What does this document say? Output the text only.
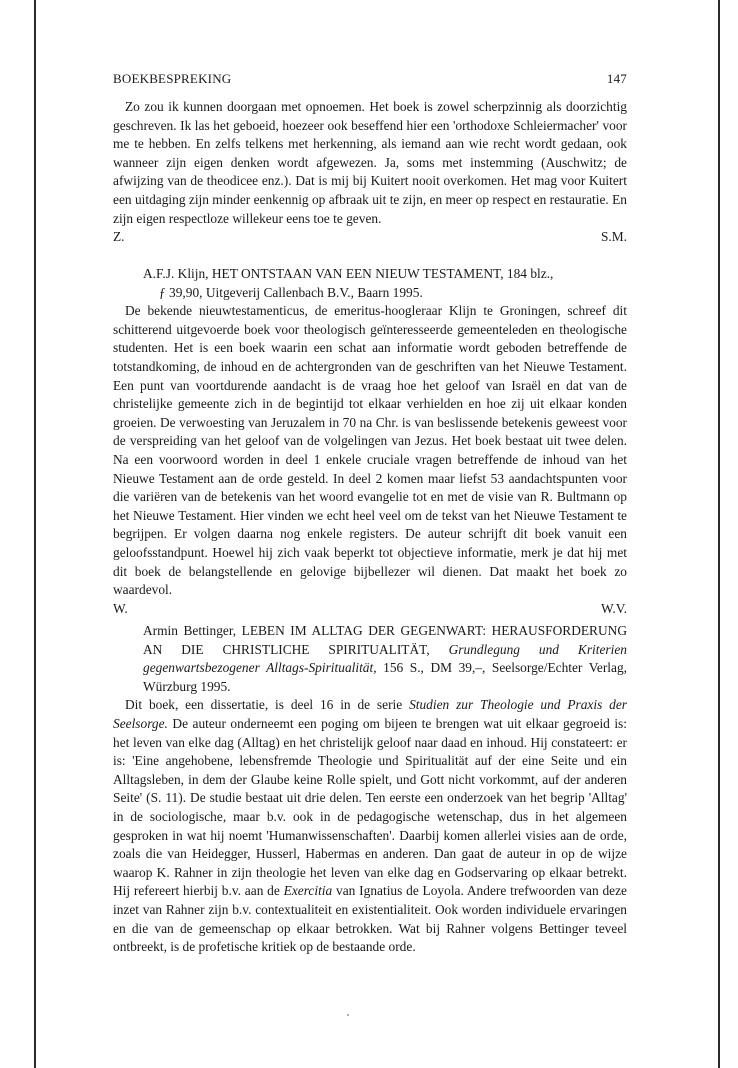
BOEKBESPREKING	147

Zo zou ik kunnen doorgaan met opnoemen. Het boek is zowel scherpzinnig als doorzichtig geschreven. Ik las het geboeid, hoezeer ook beseffend hier een 'orthodoxe Schleiermacher' voor me te hebben. En zelfs telkens met herkenning, als iemand aan wie recht wordt gedaan, ook wanneer zijn eigen denken wordt afgewezen. Ja, soms met instemming (Auschwitz; de afwijzing van de theodicee enz.). Dat is mij bij Kuitert nooit overkomen. Het mag voor Kuitert een uitdaging zijn minder eenkennig op afbraak uit te zijn, en meer op respect en restauratie. En zijn eigen respectloze willekeur eens toe te geven.

Z.	S.M.

A.F.J. Klijn, HET ONTSTAAN VAN EEN NIEUW TESTAMENT, 184 blz.,
ƒ 39,90, Uitgeverij Callenbach B.V., Baarn 1995.

De bekende nieuwtestamenticus, de emeritus-hoogleraar Klijn te Groningen, schreef dit schitterend uitgevoerde boek voor theologisch geïnteresseerde gemeenteleden en theologische studenten. Het is een boek waarin een schat aan informatie wordt geboden betreffende de totstandkoming, de inhoud en de achtergronden van de geschriften van het Nieuwe Testament. Een punt van voortdurende aandacht is de vraag hoe het geloof van Israël en dat van de christelijke gemeente zich in de begintijd tot elkaar verhielden en hoe zij uit elkaar konden groeien. De verwoesting van Jeruzalem in 70 na Chr. is van beslissende betekenis geweest voor de verspreiding van het geloof van de volgelingen van Jezus. Het boek bestaat uit twee delen. Na een voorwoord worden in deel 1 enkele cruciale vragen betreffende de inhoud van het Nieuwe Testament aan de orde gesteld. In deel 2 komen maar liefst 53 aandachtspunten voor die variëren van de betekenis van het woord evangelie tot en met de visie van R. Bultmann op het Nieuwe Testament. Hier vinden we echt heel veel om de tekst van het Nieuwe Testament te begrijpen. Er volgen daarna nog enkele registers. De auteur schrijft dit boek vanuit een geloofsstandpunt. Hoewel hij zich vaak beperkt tot objectieve informatie, merk je dat hij met dit boek de belangstellende en gelovige bijbellezer wil dienen. Dat maakt het boek zo waardevol.

W.	W.V.

Armin Bettinger, LEBEN IM ALLTAG DER GEGENWART: HERAUSFORDERUNG AN DIE CHRISTLICHE SPIRITUALITÄT, Grundlegung und Kriterien gegenwartsbezogener Alltags-Spiritualität, 156 S., DM 39,–, Seelsorge/Echter Verlag, Würzburg 1995.

Dit boek, een dissertatie, is deel 16 in de serie Studien zur Theologie und Praxis der Seelsorge. De auteur onderneemt een poging om bijeen te brengen wat uit elkaar gegroeid is: het leven van elke dag (Alltag) en het christelijk geloof naar daad en inhoud. Hij constateert: er is: 'Eine angehobene, lebensfremde Theologie und Spiritualität auf der eine Seite und ein Alltagsleben, in dem der Glaube keine Rolle spielt, und Gott nicht vorkommt, auf der anderen Seite' (S. 11). De studie bestaat uit drie delen. Ten eerste een onderzoek van het begrip 'Alltag' in de sociologische, maar b.v. ook in de pedagogische wetenschap, dus in het algemeen gesproken in wat hij noemt 'Humanwissenschaften'. Daarbij komen allerlei visies aan de orde, zoals die van Heidegger, Husserl, Habermas en anderen. Dan gaat de auteur in op de wijze waarop K. Rahner in zijn theologie het leven van elke dag en Godservaring op elkaar betrekt. Hij refereert hierbij b.v. aan de Exercitia van Ignatius de Loyola. Andere trefwoorden van deze inzet van Rahner zijn b.v. contextualiteit en existentialiteit. Ook worden individuele ervaringen en die van de gemeenschap op elkaar betrokken. Wat bij Rahner volgens Bettinger teveel ontbreekt, is de profetische kritiek op de bestaande orde.
